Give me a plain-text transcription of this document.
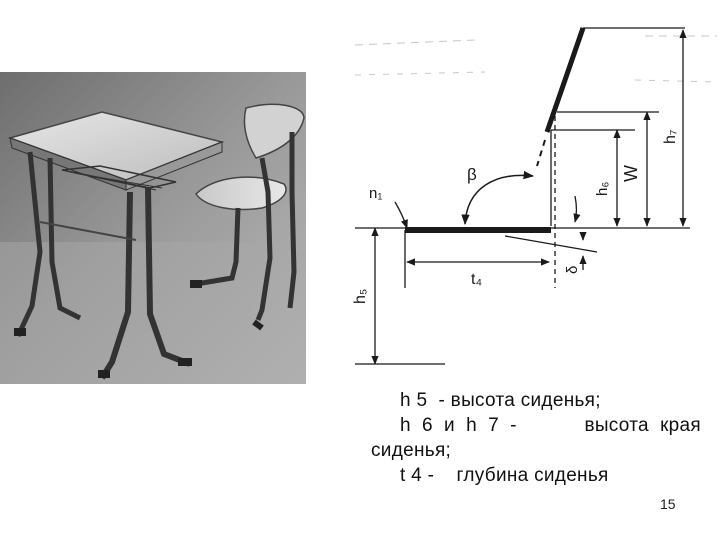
n₁
β
t₄
h₅
h₆
W
h₇
δ
h 5  - высота сиденья;
h  6  и  h  7  -	высота  края
сиденья;
t 4 -    глубина сиденья
15
